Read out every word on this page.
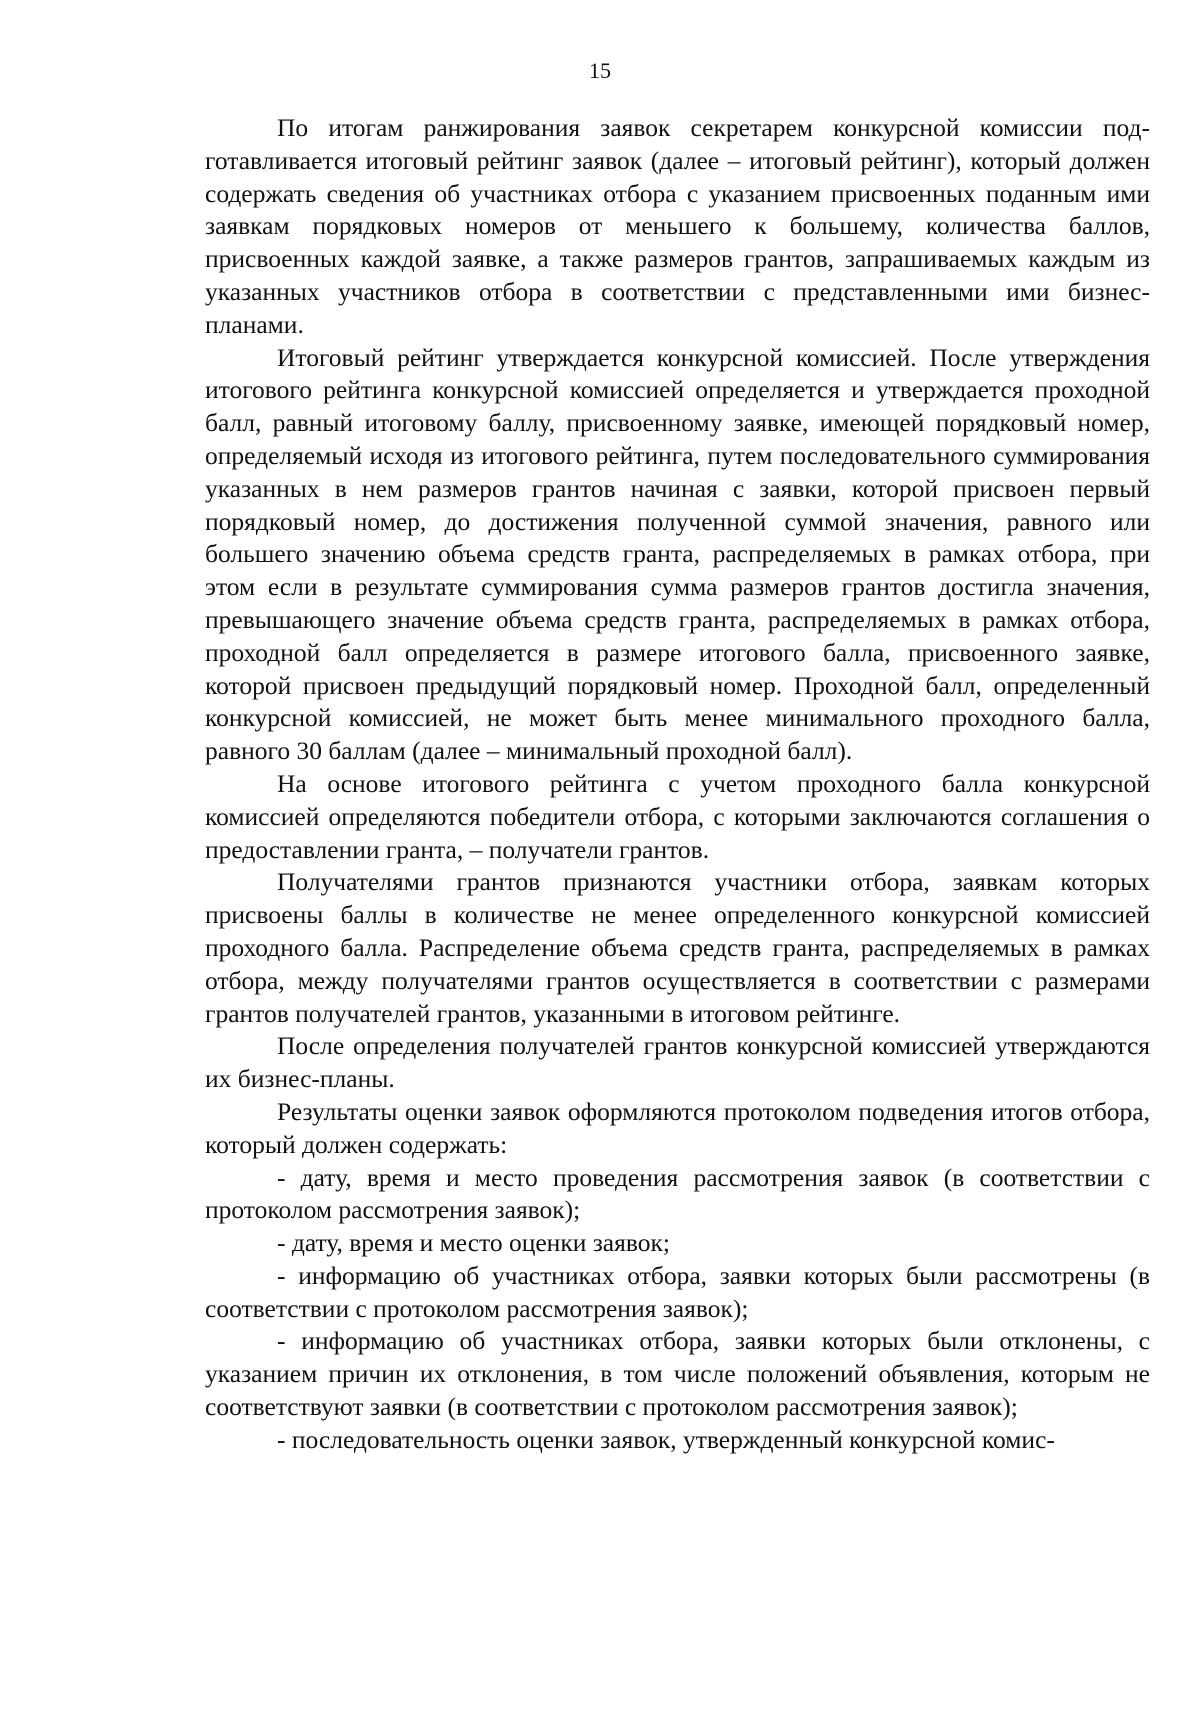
15

По итогам ранжирования заявок секретарем конкурсной комиссии подготавливается итоговый рейтинг заявок (далее – итоговый рейтинг), который должен содержать сведения об участниках отбора с указанием присвоенных поданным ими заявкам порядковых номеров от меньшего к большему, количества баллов, присвоенных каждой заявке, а также размеров грантов, запрашиваемых каждым из указанных участников отбора в соответствии с представленными ими бизнес-планами.

Итоговый рейтинг утверждается конкурсной комиссией. После утверждения итогового рейтинга конкурсной комиссией определяется и утверждается проходной балл, равный итоговому баллу, присвоенному заявке, имеющей порядковый номер, определяемый исходя из итогового рейтинга, путем последовательного суммирования указанных в нем размеров грантов начиная с заявки, которой присвоен первый порядковый номер, до достижения полученной суммой значения, равного или большего значению объема средств гранта, распределяемых в рамках отбора, при этом если в результате суммирования сумма размеров грантов достигла значения, превышающего значение объема средств гранта, распределяемых в рамках отбора, проходной балл определяется в размере итогового балла, присвоенного заявке, которой присвоен предыдущий порядковый номер. Проходной балл, определенный конкурсной комиссией, не может быть менее минимального проходного балла, равного 30 баллам (далее – минимальный проходной балл).

На основе итогового рейтинга с учетом проходного балла конкурсной комиссией определяются победители отбора, с которыми заключаются соглашения о предоставлении гранта, – получатели грантов.

Получателями грантов признаются участники отбора, заявкам которых присвоены баллы в количестве не менее определенного конкурсной комиссией проходного балла. Распределение объема средств гранта, распределяемых в рамках отбора, между получателями грантов осуществляется в соответствии с размерами грантов получателей грантов, указанными в итоговом рейтинге.

После определения получателей грантов конкурсной комиссией утверждаются их бизнес-планы.

Результаты оценки заявок оформляются протоколом подведения итогов отбора, который должен содержать:

- дату, время и место проведения рассмотрения заявок (в соответствии с протоколом рассмотрения заявок);

- дату, время и место оценки заявок;

- информацию об участниках отбора, заявки которых были рассмотрены (в соответствии с протоколом рассмотрения заявок);

- информацию об участниках отбора, заявки которых были отклонены, с указанием причин их отклонения, в том числе положений объявления, которым не соответствуют заявки (в соответствии с протоколом рассмотрения заявок);

- последовательность оценки заявок, утвержденный конкурсной комис-
